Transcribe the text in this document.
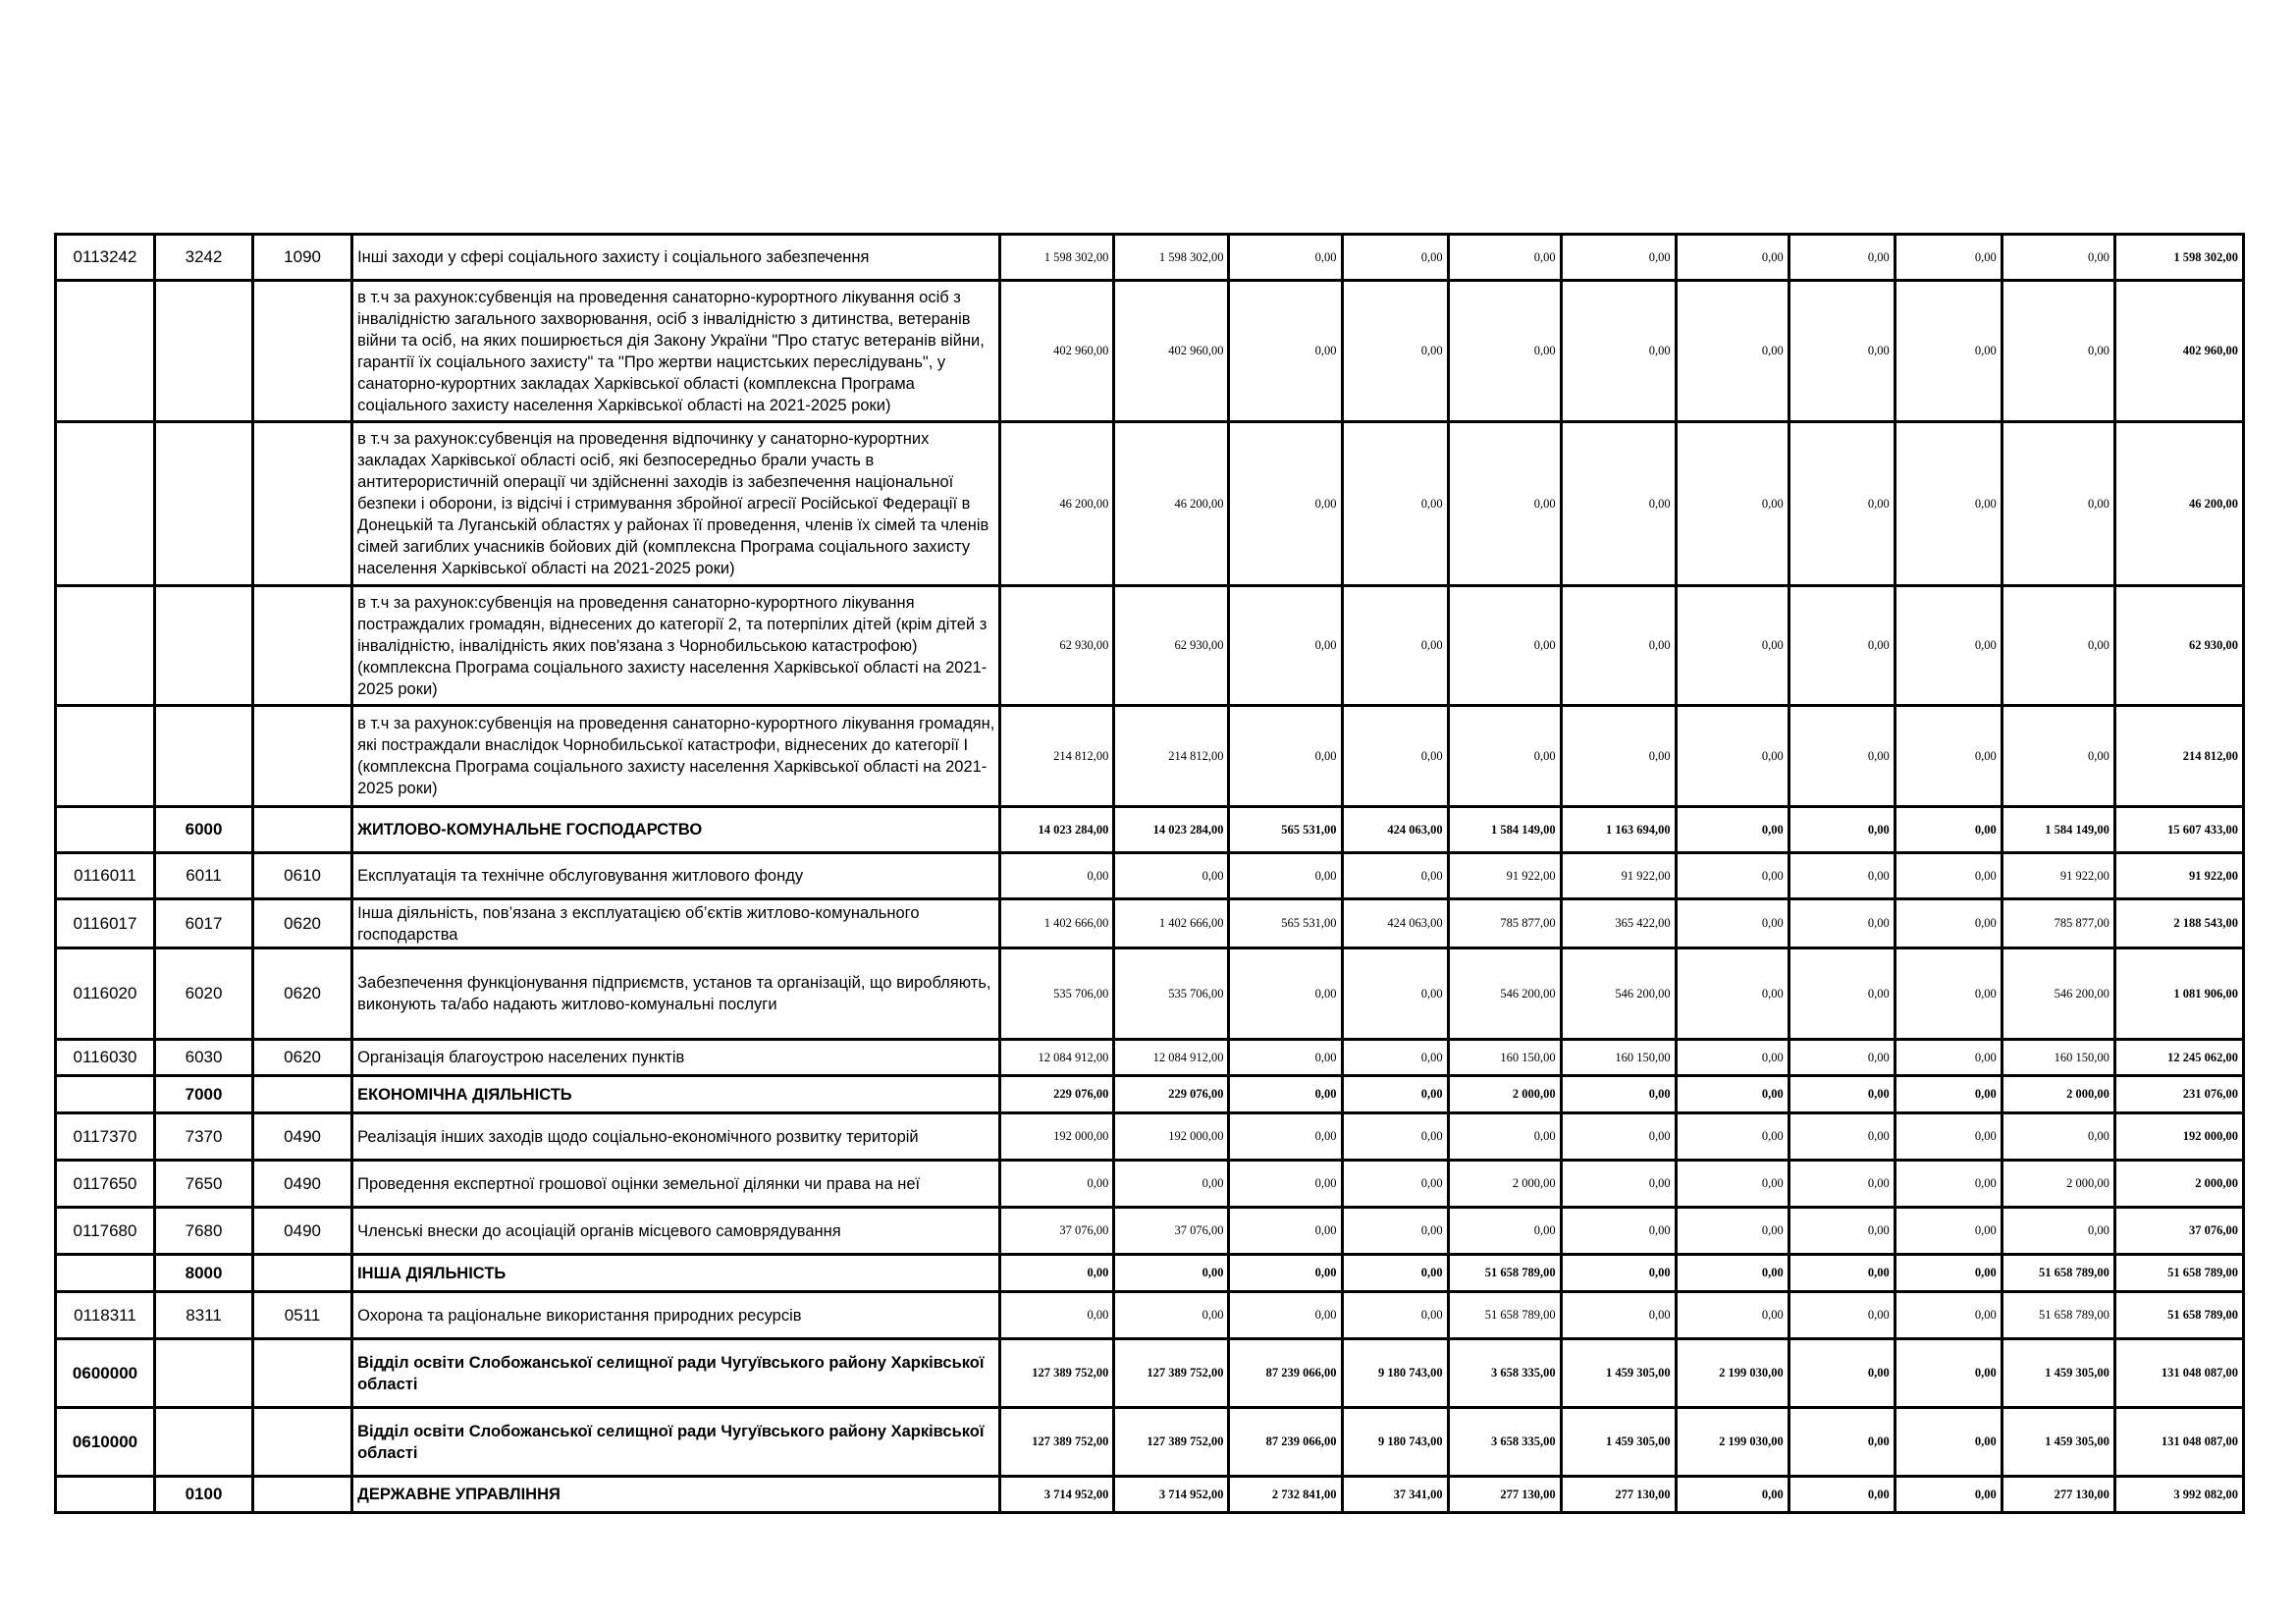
0113242	3242	1090	Інші заходи у сфері соціального захисту і соціального забезпечення	1 598 302,00	1 598 302,00	0,00	0,00	0,00	0,00	0,00	0,00	0,00	0,00	1 598 302,00
			в т.ч за рахунок:субвенція на проведення санаторно-курортного лікування осіб з інвалідністю загального захворювання, осіб з інвалідністю з дитинства, ветеранів війни та осіб, на яких поширюється дія Закону України "Про статус ветеранів війни, гарантії їх соціального захисту" та "Про жертви нацистських переслідувань", у санаторно-курортних закладах Харківської області (комплексна Програма соціального захисту населення Харківської області на 2021-2025 роки)	402 960,00	402 960,00	0,00	0,00	0,00	0,00	0,00	0,00	0,00	0,00	402 960,00
			в т.ч за рахунок:субвенція на проведення відпочинку у санаторно-курортних закладах Харківської області осіб, які безпосередньо брали участь в антитерористичній операції чи здійсненні заходів із забезпечення національної безпеки і оборони, із відсічі і стримування збройної агресії Російської Федерації в Донецькій та Луганській областях у районах її проведення, членів їх сімей та членів сімей загиблих учасників бойових дій (комплексна Програма соціального захисту населення Харківської області на 2021-2025 роки)	46 200,00	46 200,00	0,00	0,00	0,00	0,00	0,00	0,00	0,00	0,00	46 200,00
			в т.ч за рахунок:субвенція на проведення санаторно-курортного лікування постраждалих громадян, віднесених до категорії 2, та потерпілих дітей (крім дітей з інвалідністю, інвалідність яких пов'язана з Чорнобильською катастрофою) (комплексна Програма соціального захисту населення Харківської області на 2021-2025 роки)	62 930,00	62 930,00	0,00	0,00	0,00	0,00	0,00	0,00	0,00	0,00	62 930,00
			в т.ч за рахунок:субвенція на проведення санаторно-курортного лікування громадян, які постраждали внаслідок Чорнобильської катастрофи, віднесених до категорії I (комплексна Програма соціального захисту населення Харківської області на 2021-2025 роки)	214 812,00	214 812,00	0,00	0,00	0,00	0,00	0,00	0,00	0,00	0,00	214 812,00
	6000		ЖИТЛОВО-КОМУНАЛЬНЕ ГОСПОДАРСТВО	14 023 284,00	14 023 284,00	565 531,00	424 063,00	1 584 149,00	1 163 694,00	0,00	0,00	0,00	1 584 149,00	15 607 433,00
0116011	6011	0610	Експлуатація та технічне обслуговування житлового фонду	0,00	0,00	0,00	0,00	91 922,00	91 922,00	0,00	0,00	0,00	91 922,00	91 922,00
0116017	6017	0620	Інша діяльність, пов’язана з експлуатацією об’єктів житлово-комунального господарства	1 402 666,00	1 402 666,00	565 531,00	424 063,00	785 877,00	365 422,00	0,00	0,00	0,00	785 877,00	2 188 543,00
0116020	6020	0620	Забезпечення функціонування підприємств, установ та організацій, що виробляють, виконують та/або надають житлово-комунальні послуги	535 706,00	535 706,00	0,00	0,00	546 200,00	546 200,00	0,00	0,00	0,00	546 200,00	1 081 906,00
0116030	6030	0620	Організація благоустрою населених пунктів	12 084 912,00	12 084 912,00	0,00	0,00	160 150,00	160 150,00	0,00	0,00	0,00	160 150,00	12 245 062,00
	7000		ЕКОНОМІЧНА ДІЯЛЬНІСТЬ	229 076,00	229 076,00	0,00	0,00	2 000,00	0,00	0,00	0,00	0,00	2 000,00	231 076,00
0117370	7370	0490	Реалізація інших заходів щодо соціально-економічного розвитку територій	192 000,00	192 000,00	0,00	0,00	0,00	0,00	0,00	0,00	0,00	0,00	192 000,00
0117650	7650	0490	Проведення експертної грошової оцінки земельної ділянки чи права на неї	0,00	0,00	0,00	0,00	2 000,00	0,00	0,00	0,00	0,00	2 000,00	2 000,00
0117680	7680	0490	Членські внески до асоціацій органів місцевого самоврядування	37 076,00	37 076,00	0,00	0,00	0,00	0,00	0,00	0,00	0,00	0,00	37 076,00
	8000		ІНША ДІЯЛЬНІСТЬ	0,00	0,00	0,00	0,00	51 658 789,00	0,00	0,00	0,00	0,00	51 658 789,00	51 658 789,00
0118311	8311	0511	Охорона та раціональне використання природних ресурсів	0,00	0,00	0,00	0,00	51 658 789,00	0,00	0,00	0,00	0,00	51 658 789,00	51 658 789,00
0600000			Відділ освіти Слобожанської селищної ради Чугуївського району Харківської області	127 389 752,00	127 389 752,00	87 239 066,00	9 180 743,00	3 658 335,00	1 459 305,00	2 199 030,00	0,00	0,00	1 459 305,00	131 048 087,00
0610000			Відділ освіти Слобожанської селищної ради Чугуївського району Харківської області	127 389 752,00	127 389 752,00	87 239 066,00	9 180 743,00	3 658 335,00	1 459 305,00	2 199 030,00	0,00	0,00	1 459 305,00	131 048 087,00
	0100		ДЕРЖАВНЕ УПРАВЛІННЯ	3 714 952,00	3 714 952,00	2 732 841,00	37 341,00	277 130,00	277 130,00	0,00	0,00	0,00	277 130,00	3 992 082,00
